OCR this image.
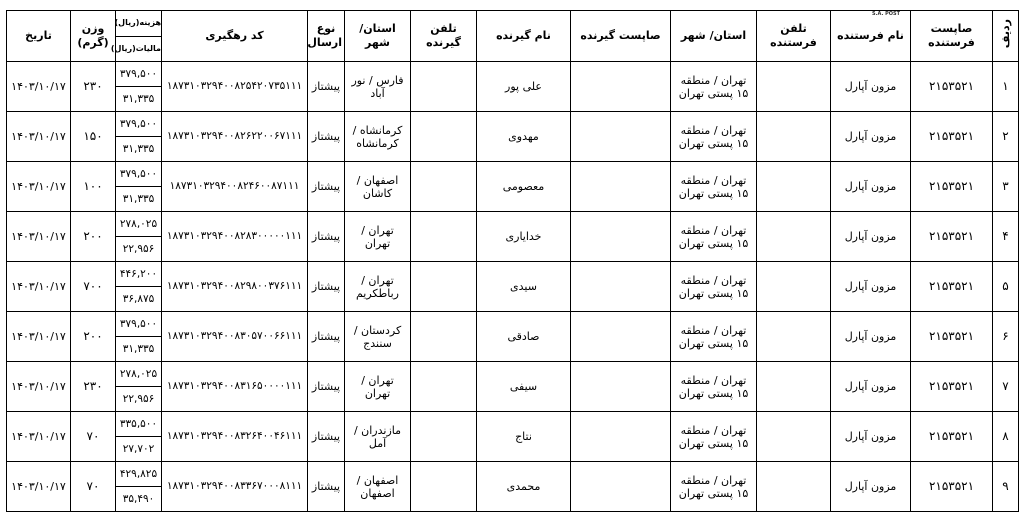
S.A. POST
ردیف	صاپست فرستنده	نام فرستنده	تلفن فرستنده	استان/ شهر	صاپست گیرنده	نام گیرنده	تلفن گیرنده	استان/ شهر	نوع ارسال	کد رهگیری	هزینه(ریال)	وزن (گرم)	تاریخ
											مالیات(ریال)		
۱	۲۱۵۳۵۲۱	مزون آپارل		تهران / منطقه ۱۵ پستی تهران		علی پور		فارس / نور آباد	پیشتاز	۱۸۷۳۱۰۳۲۹۴۰۰۸۲۵۴۲۰۷۳۵۱۱۱	۳۷۹,۵۰۰	۲۳۰	۱۴۰۳/۱۰/۱۷
											۳۱,۳۳۵		
۲	۲۱۵۳۵۲۱	مزون آپارل		تهران / منطقه ۱۵ پستی تهران		مهدوی		کرمانشاه / کرمانشاه	پیشتاز	۱۸۷۳۱۰۳۲۹۴۰۰۸۲۶۲۲۰۰۶۷۱۱۱	۳۷۹,۵۰۰	۱۵۰	۱۴۰۳/۱۰/۱۷
											۳۱,۳۳۵		
۳	۲۱۵۳۵۲۱	مزون آپارل		تهران / منطقه ۱۵ پستی تهران		معصومی		اصفهان / کاشان	پیشتاز	۱۸۷۳۱۰۳۲۹۴۰۰۸۲۴۶۰۰۸۷۱۱۱	۳۷۹,۵۰۰	۱۰۰	۱۴۰۳/۱۰/۱۷
											۳۱,۳۳۵		
۴	۲۱۵۳۵۲۱	مزون آپارل		تهران / منطقه ۱۵ پستی تهران		خدایاری		تهران / تهران	پیشتاز	۱۸۷۳۱۰۳۲۹۴۰۰۸۲۸۳۰۰۰۰۰۱۱۱	۲۷۸,۰۲۵	۲۰۰	۱۴۰۳/۱۰/۱۷
											۲۲,۹۵۶		
۵	۲۱۵۳۵۲۱	مزون آپارل		تهران / منطقه ۱۵ پستی تهران		سیدی		تهران / رباطکریم	پیشتاز	۱۸۷۳۱۰۳۲۹۴۰۰۸۲۹۸۰۰۳۷۶۱۱۱	۴۴۶,۲۰۰	۷۰۰	۱۴۰۳/۱۰/۱۷
											۳۶,۸۷۵		
۶	۲۱۵۳۵۲۱	مزون آپارل		تهران / منطقه ۱۵ پستی تهران		صادقی		کردستان / سنندج	پیشتاز	۱۸۷۳۱۰۳۲۹۴۰۰۸۳۰۵۷۰۰۶۶۱۱۱	۳۷۹,۵۰۰	۲۰۰	۱۴۰۳/۱۰/۱۷
											۳۱,۳۳۵		
۷	۲۱۵۳۵۲۱	مزون آپارل		تهران / منطقه ۱۵ پستی تهران		سیفی		تهران / تهران	پیشتاز	۱۸۷۳۱۰۳۲۹۴۰۰۸۳۱۶۵۰۰۰۰۱۱۱	۲۷۸,۰۲۵	۲۳۰	۱۴۰۳/۱۰/۱۷
											۲۲,۹۵۶		
۸	۲۱۵۳۵۲۱	مزون آپارل		تهران / منطقه ۱۵ پستی تهران		نتاج		مازندران / آمل	پیشتاز	۱۸۷۳۱۰۳۲۹۴۰۰۸۳۲۶۴۰۰۴۶۱۱۱	۳۳۵,۵۰۰	۷۰	۱۴۰۳/۱۰/۱۷
											۲۷,۷۰۲		
۹	۲۱۵۳۵۲۱	مزون آپارل		تهران / منطقه ۱۵ پستی تهران		محمدی		اصفهان / اصفهان	پیشتاز	۱۸۷۳۱۰۳۲۹۴۰۰۸۳۳۶۷۰۰۰۸۱۱۱	۴۲۹,۸۲۵	۷۰	۱۴۰۳/۱۰/۱۷
											۳۵,۴۹۰		
